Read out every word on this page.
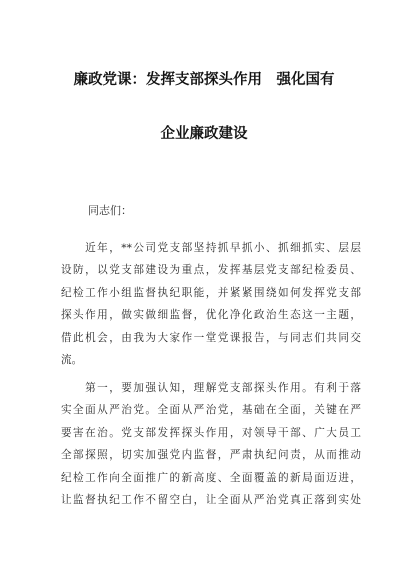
廉政党课：发挥支部探头作用　强化国有
企业廉政建设
同志们：
　　近年，**公司党支部坚持抓早抓小、抓细抓实、层层
设防，以党支部建设为重点，发挥基层党支部纪检委员、
纪检工作小组监督执纪职能，并紧紧围绕如何发挥党支部
探头作用，做实做细监督，优化净化政治生态这一主题，
借此机会，由我为大家作一堂党课报告，与同志们共同交
流。
　　第一，要加强认知，理解党支部探头作用。有利于落
实全面从严治党。全面从严治党，基础在全面，关键在严
要害在治。党支部发挥探头作用，对领导干部、广大员工
全部探照，切实加强党内监督，严肃执纪问责，从而推动
纪检工作向全面推广的新高度、全面覆盖的新局面迈进，
让监督执纪工作不留空白，让全面从严治党真正落到实处
